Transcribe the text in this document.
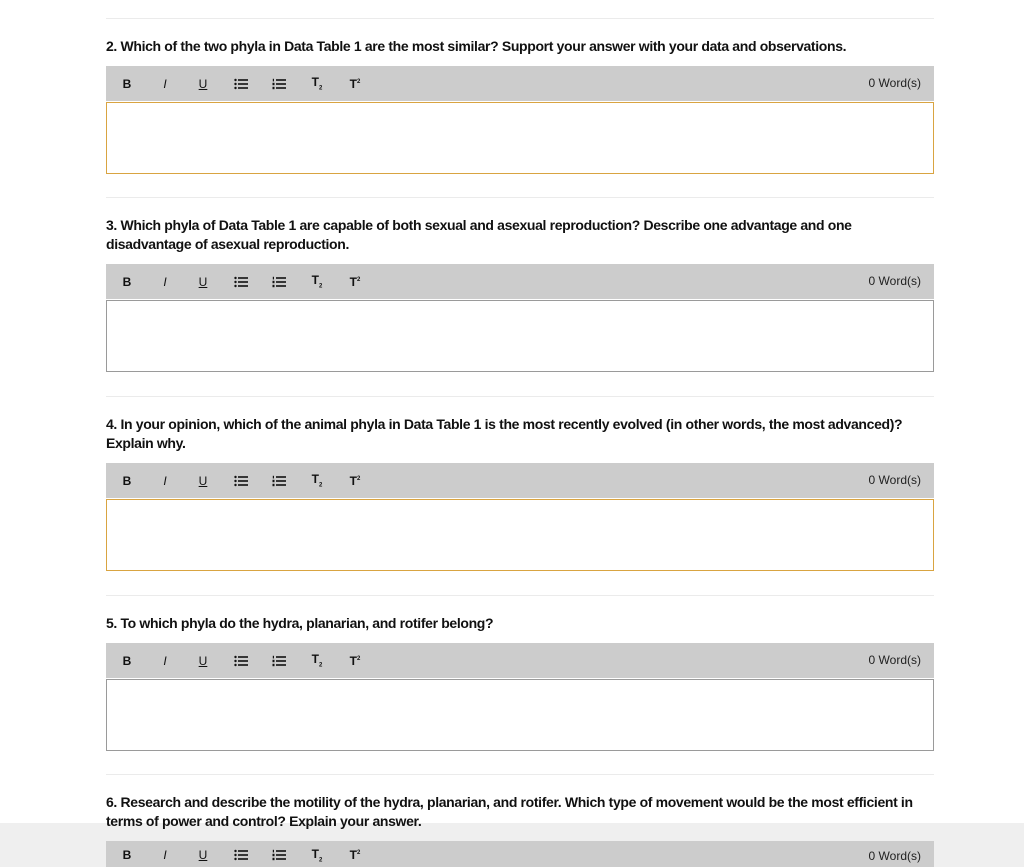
2. Which of the two phyla in Data Table 1 are the most similar? Support your answer with your data and observations.

B	I	U	$T_2$	$T^2$	0 Word(s)

3. Which phyla of Data Table 1 are capable of both sexual and asexual reproduction? Describe one advantage and one disadvantage of asexual reproduction.

B	I	U	$T_2$	$T^2$	0 Word(s)

4. In your opinion, which of the animal phyla in Data Table 1 is the most recently evolved (in other words, the most advanced)? Explain why.

B	I	U	$T_2$	$T^2$	0 Word(s)

5. To which phyla do the hydra, planarian, and rotifer belong?

B	I	U	$T_2$	$T^2$	0 Word(s)

6. Research and describe the motility of the hydra, planarian, and rotifer. Which type of movement would be the most efficient in terms of power and control? Explain your answer.

B	I	U	$T_2$	$T^2$	0 Word(s)
